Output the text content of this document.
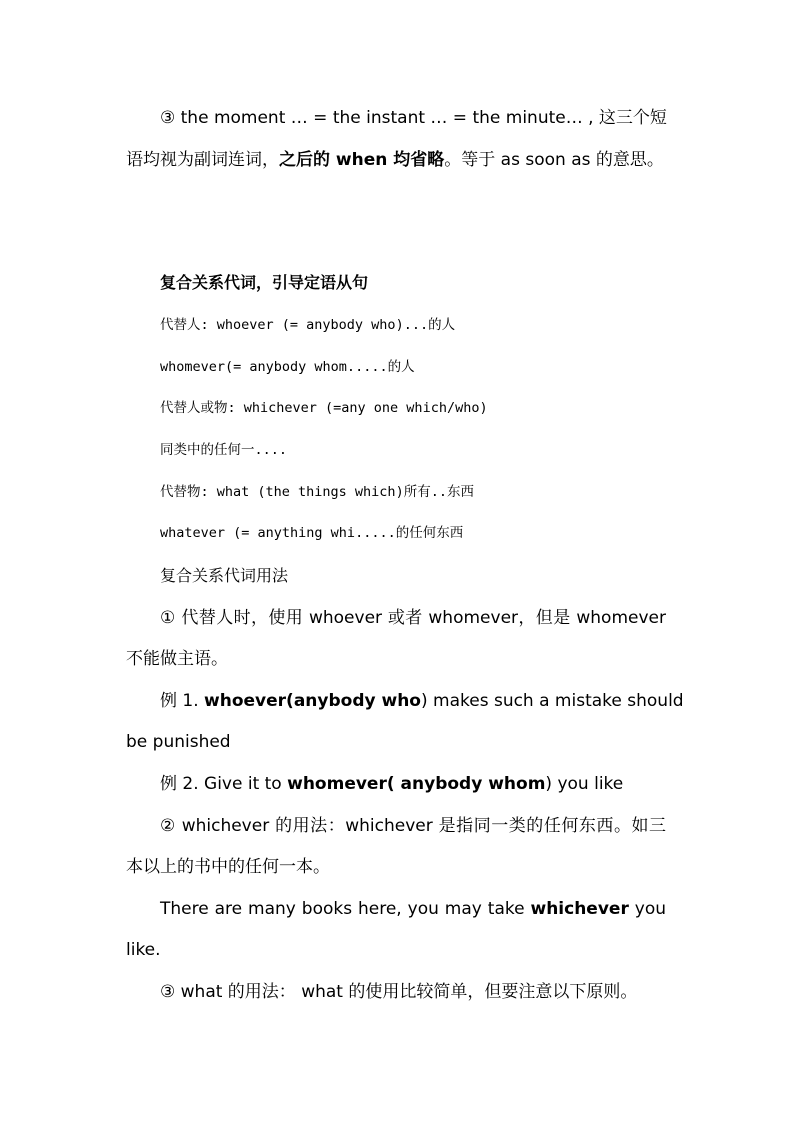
③ the moment … = the instant … = the minute… , 这三个短
语均视为副词连词，之后的 when 均省略。等于 as soon as 的意思。
复合关系代词，引导定语从句
代替人: whoever (= anybody who)...的人
whomever(= anybody whom.....的人
代替人或物: whichever (=any one which/who)
同类中的任何一....
代替物: what (the things which)所有..东西
whatever (= anything whi.....的任何东西
复合关系代词用法
① 代替人时，使用 whoever 或者 whomever，但是 whomever
不能做主语。
例 1. whoever(anybody who) makes such a mistake should
be punished
例 2. Give it to whomever( anybody whom) you like
② whichever 的用法：whichever 是指同一类的任何东西。如三
本以上的书中的任何一本。
There are many books here, you may take whichever you
like.
③ what 的用法： what 的使用比较简单，但要注意以下原则。
